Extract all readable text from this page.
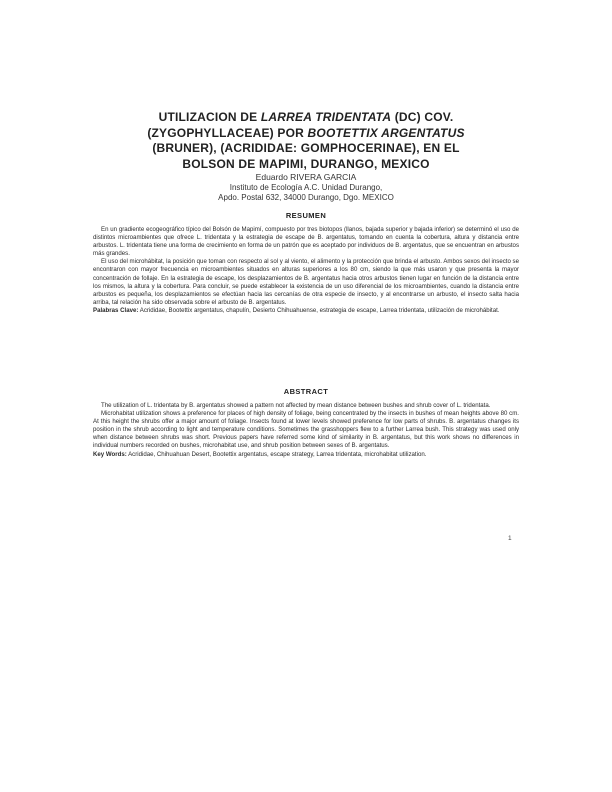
UTILIZACION DE LARREA TRIDENTATA (DC) COV.
(ZYGOPHYLLACEAE) POR BOOTETTIX ARGENTATUS
(BRUNER), (ACRIDIDAE: GOMPHOCERINAE), EN EL
BOLSON DE MAPIMI, DURANGO, MEXICO
Eduardo RIVERA GARCIA
Instituto de Ecología A.C. Unidad Durango,
Apdo. Postal 632, 34000 Durango, Dgo. MEXICO
RESUMEN

En un gradiente ecogeográfico típico del Bolsón de Mapimí, compuesto por tres biotopos (llanos, bajada superior y bajada inferior) se determinó el uso de distintos microambientes que ofrece L. tridentata y la estrategia de escape de B. argentatus, tomando en cuenta la cobertura, altura y distancia entre arbustos. L. tridentata tiene una forma de crecimiento en forma de un patrón que es aceptado por individuos de B. argentatus, que se encuentran en arbustos más grandes.

El uso del microhábitat, la posición que toman con respecto al sol y al viento, el alimento y la protección que brinda el arbusto. Ambos sexos del insecto se encontraron con mayor frecuencia en microambientes situados en alturas superiores a los 80 cm, siendo la que más usaron y que presenta la mayor concentración de follaje. En la estrategia de escape, los desplazamientos de B. argentatus hacia otros arbustos tienen lugar en función de la distancia entre los mismos, la altura y la cobertura. Para concluir, se puede establecer la existencia de un uso diferencial de los microambientes, cuando la distancia entre arbustos es pequeña, los desplazamientos se efectúan hacia las cercanías de otra especie de insecto, y al encontrarse un arbusto, el insecto salta hacia arriba, tal relación ha sido observada sobre el arbusto de B. argentatus.

Palabras Clave: Acrididae, Bootettix argentatus, chapulín, Desierto Chihuahuense, estrategia de escape, Larrea tridentata, utilización de microhábitat.

ABSTRACT

The utilization of L. tridentata by B. argentatus showed a pattern not affected by mean distance between bushes and shrub cover of L. tridentata.

Microhabitat utilization shows a preference for places of high density of foliage, being concentrated by the insects in bushes of mean heights above 80 cm. At this height the shrubs offer a major amount of foliage. Insects found at lower levels showed preference for low parts of shrubs. B. argentatus changes its position in the shrub according to light and temperature conditions. Sometimes the grasshoppers flew to a further Larrea bush. This strategy was used only when distance between shrubs was short. Previous papers have referred some kind of similarity in B. argentatus, but this work shows no differences in individual numbers recorded on bushes, microhabitat use, and shrub position between sexes of B. argentatus.

Key Words: Acrididae, Chihuahuan Desert, Bootettix argentatus, escape strategy, Larrea tridentata, microhabitat utilization.

1
